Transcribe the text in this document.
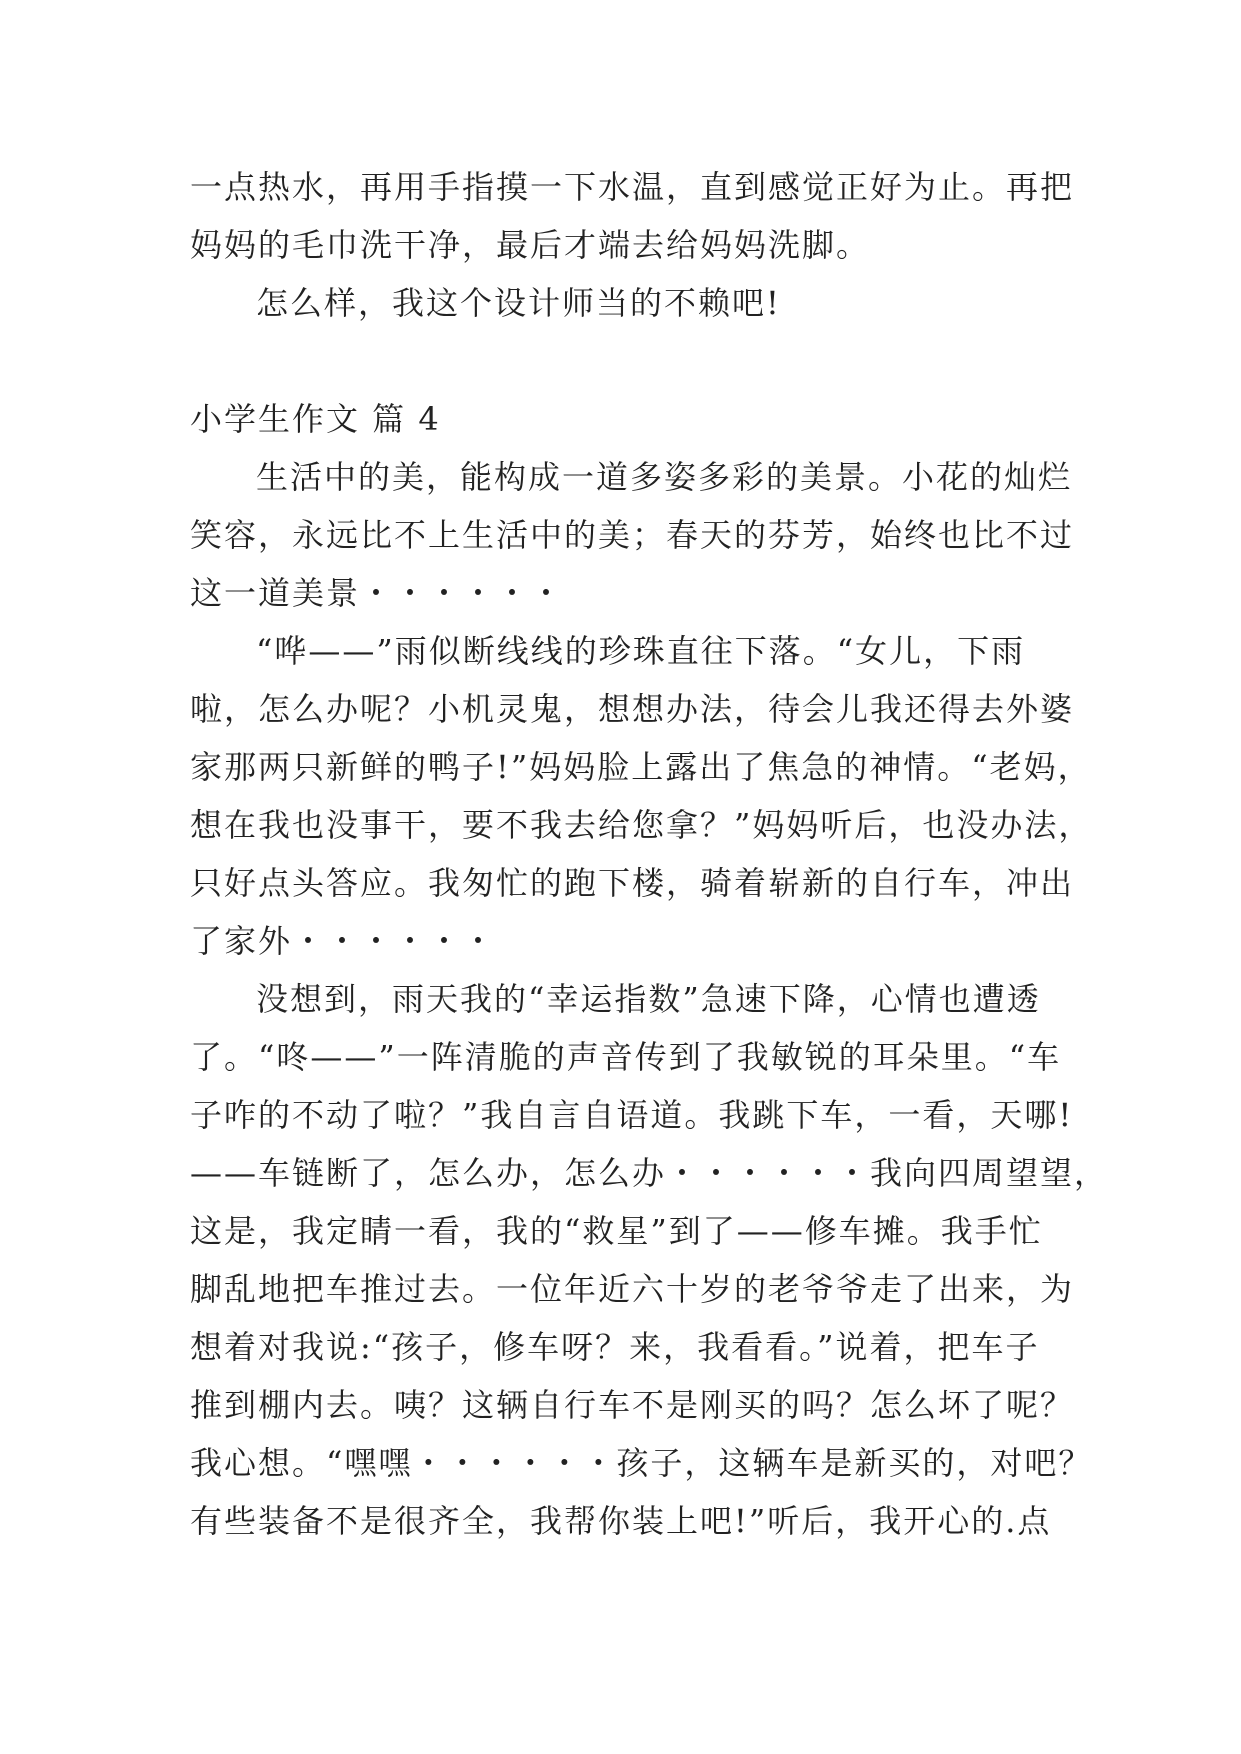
一点热水，再用手指摸一下水温，直到感觉正好为止。再把
妈妈的毛巾洗干净，最后才端去给妈妈洗脚。
怎么样，我这个设计师当的不赖吧!
小学生作文 篇 4
生活中的美，能构成一道多姿多彩的美景。小花的灿烂
笑容，永远比不上生活中的美；春天的芬芳，始终也比不过
这一道美景・・・・・・
“哗——”雨似断线线的珍珠直往下落。“女儿，下雨
啦，怎么办呢？小机灵鬼，想想办法，待会儿我还得去外婆
家那两只新鲜的鸭子!”妈妈脸上露出了焦急的神情。“老妈，
想在我也没事干，要不我去给您拿？”妈妈听后，也没办法，
只好点头答应。我匆忙的跑下楼，骑着崭新的自行车，冲出
了家外・・・・・・
没想到，雨天我的“幸运指数”急速下降，心情也遭透
了。“咚——”一阵清脆的声音传到了我敏锐的耳朵里。“车
子咋的不动了啦？”我自言自语道。我跳下车，一看，天哪!
——车链断了，怎么办，怎么办・・・・・・我向四周望望，
这是，我定睛一看，我的“救星”到了——修车摊。我手忙
脚乱地把车推过去。一位年近六十岁的老爷爷走了出来，为
想着对我说:“孩子，修车呀？来，我看看。”说着，把车子
推到棚内去。咦？这辆自行车不是刚买的吗？怎么坏了呢？
我心想。“嘿嘿・・・・・・孩子，这辆车是新买的，对吧？
有些装备不是很齐全，我帮你装上吧!”听后，我开心的.点
